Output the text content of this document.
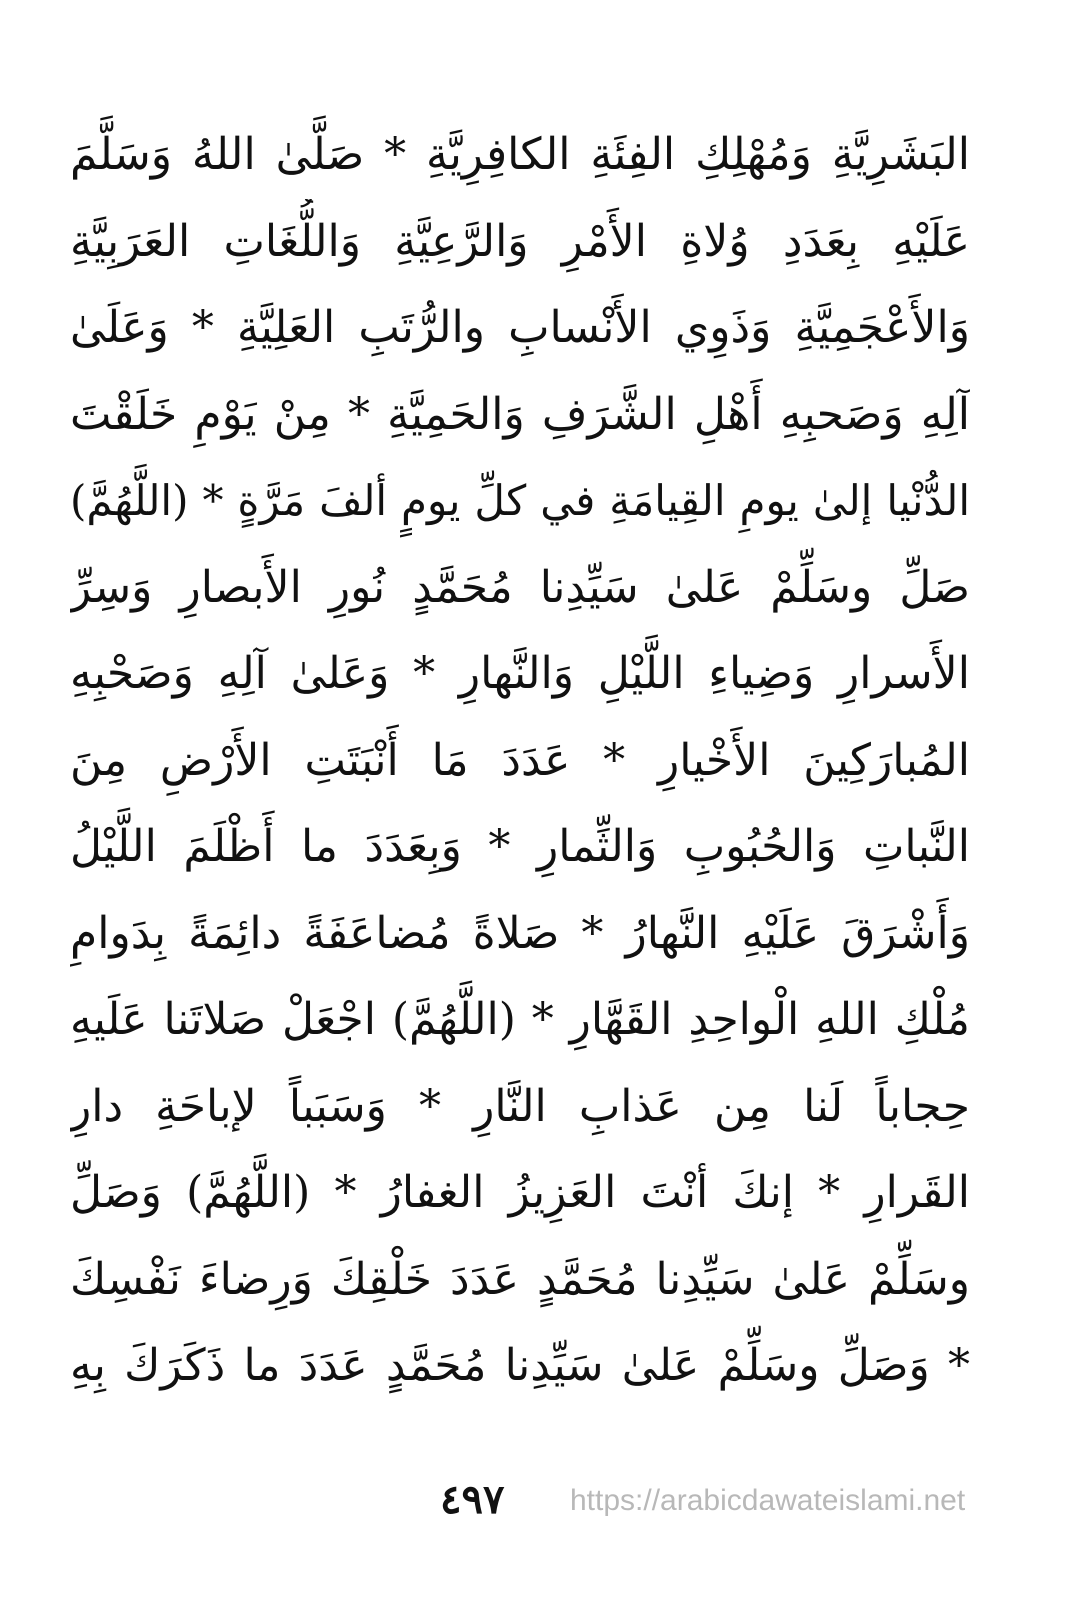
البَشَرِيَّةِ وَمُهْلِكِ الفِئَةِ الكافِرِيَّةِ * صَلَّىٰ اللهُ وَسَلَّمَ
عَلَيْهِ بِعَدَدِ وُلاةِ الأَمْرِ وَالرَّعِيَّةِ وَاللُّغَاتِ العَرَبِيَّةِ
وَالأَعْجَمِيَّةِ وَذَوِي الأَنْسابِ والرُّتَبِ العَلِيَّةِ * وَعَلَىٰ
آلِهِ وَصَحبِهِ أَهْلِ الشَّرَفِ وَالحَمِيَّةِ * مِنْ يَوْمِ خَلَقْتَ
الدُّنْيا إلىٰ يومِ القِيامَةِ في كلِّ يومٍ ألفَ مَرَّةٍ * (اللَّهُمَّ)
صَلِّ وسَلِّمْ عَلىٰ سَيِّدِنا مُحَمَّدٍ نُورِ الأَبصارِ وَسِرِّ
الأَسرارِ وَضِياءِ اللَّيْلِ وَالنَّهارِ * وَعَلىٰ آلِهِ وَصَحْبِهِ
المُبارَكِينَ الأَخْيارِ * عَدَدَ مَا أَنْبَتَتِ الأَرْضِ مِنَ
النَّباتِ وَالحُبُوبِ وَالثِّمارِ * وَبِعَدَدَ ما أَظْلَمَ اللَّيْلُ
وَأَشْرَقَ عَلَيْهِ النَّهارُ * صَلاةً مُضاعَفَةً دائِمَةً بِدَوامِ
مُلْكِ اللهِ الْواحِدِ القَهَّارِ * (اللَّهُمَّ) اجْعَلْ صَلاتَنا عَلَيهِ
حِجاباً لَنا مِن عَذابِ النَّارِ * وَسَبَباً لإباحَةِ دارِ
القَرارِ * إنكَ أنْتَ العَزِيزُ الغفارُ * (اللَّهُمَّ) وَصَلِّ
وسَلِّمْ عَلىٰ سَيِّدِنا مُحَمَّدٍ عَدَدَ خَلْقِكَ وَرِضاءَ نَفْسِكَ
* وَصَلِّ وسَلِّمْ عَلىٰ سَيِّدِنا مُحَمَّدٍ عَدَدَ ما ذَكَرَكَ بِهِ
٤٩٧ https://arabicdawateislami.net
